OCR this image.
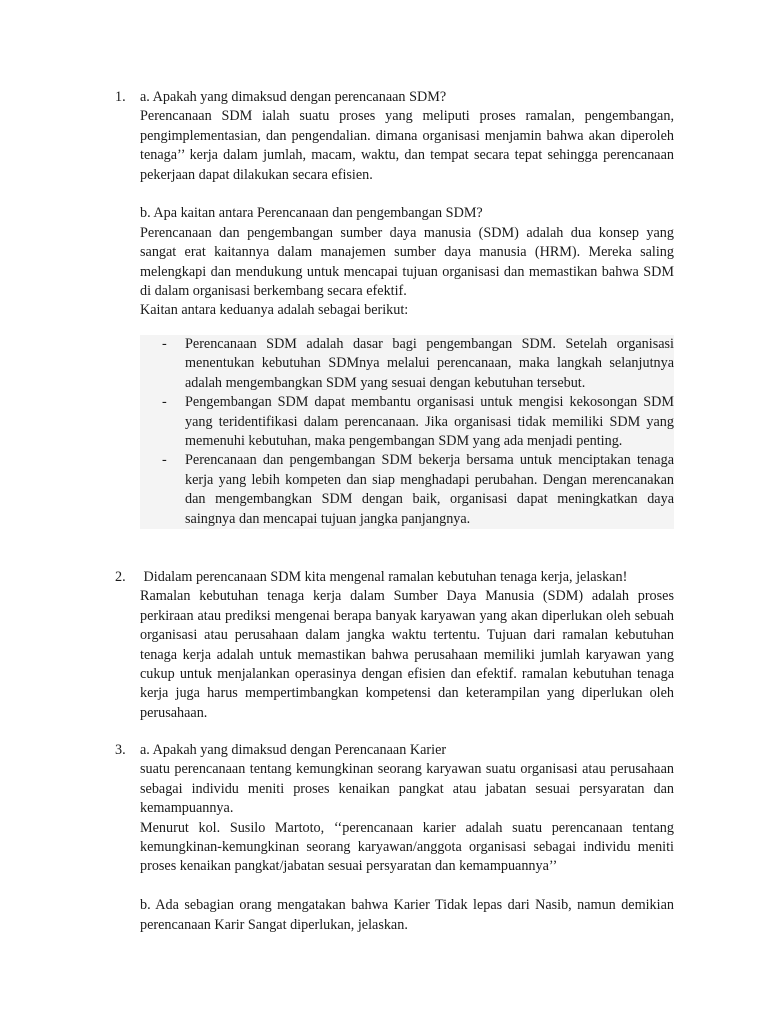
1. a. Apakah yang dimaksud dengan perencanaan SDM?

Perencanaan SDM ialah suatu proses yang meliputi proses ramalan, pengembangan, pengimplementasian, dan pengendalian. dimana organisasi menjamin bahwa akan diperoleh tenaga’’ kerja dalam jumlah, macam, waktu, dan tempat secara tepat sehingga perencanaan pekerjaan dapat dilakukan secara efisien.

b. Apa kaitan antara Perencanaan dan pengembangan SDM?

Perencanaan dan pengembangan sumber daya manusia (SDM) adalah dua konsep yang sangat erat kaitannya dalam manajemen sumber daya manusia (HRM). Mereka saling melengkapi dan mendukung untuk mencapai tujuan organisasi dan memastikan bahwa SDM di dalam organisasi berkembang secara efektif.

Kaitan antara keduanya adalah sebagai berikut:

- Perencanaan SDM adalah dasar bagi pengembangan SDM. Setelah organisasi menentukan kebutuhan SDMnya melalui perencanaan, maka langkah selanjutnya adalah mengembangkan SDM yang sesuai dengan kebutuhan tersebut.
- Pengembangan SDM dapat membantu organisasi untuk mengisi kekosongan SDM yang teridentifikasi dalam perencanaan. Jika organisasi tidak memiliki SDM yang memenuhi kebutuhan, maka pengembangan SDM yang ada menjadi penting.
- Perencanaan dan pengembangan SDM bekerja bersama untuk menciptakan tenaga kerja yang lebih kompeten dan siap menghadapi perubahan. Dengan merencanakan dan mengembangkan SDM dengan baik, organisasi dapat meningkatkan daya saingnya dan mencapai tujuan jangka panjangnya.
2. Didalam perencanaan SDM kita mengenal ramalan kebutuhan tenaga kerja, jelaskan!

Ramalan kebutuhan tenaga kerja dalam Sumber Daya Manusia (SDM) adalah proses perkiraan atau prediksi mengenai berapa banyak karyawan yang akan diperlukan oleh sebuah organisasi atau perusahaan dalam jangka waktu tertentu. Tujuan dari ramalan kebutuhan tenaga kerja adalah untuk memastikan bahwa perusahaan memiliki jumlah karyawan yang cukup untuk menjalankan operasinya dengan efisien dan efektif. ramalan kebutuhan tenaga kerja juga harus mempertimbangkan kompetensi dan keterampilan yang diperlukan oleh perusahaan.

3. a. Apakah yang dimaksud dengan Perencanaan Karier

suatu perencanaan tentang kemungkinan seorang karyawan suatu organisasi atau perusahaan sebagai individu meniti proses kenaikan pangkat atau jabatan sesuai persyaratan dan kemampuannya.

Menurut kol. Susilo Martoto, ‘‘perencanaan karier adalah suatu perencanaan tentang kemungkinan-kemungkinan seorang karyawan/anggota organisasi sebagai individu meniti proses kenaikan pangkat/jabatan sesuai persyaratan dan kemampuannya’’

b. Ada sebagian orang mengatakan bahwa Karier Tidak lepas dari Nasib, namun demikian perencanaan Karir Sangat diperlukan, jelaskan.
